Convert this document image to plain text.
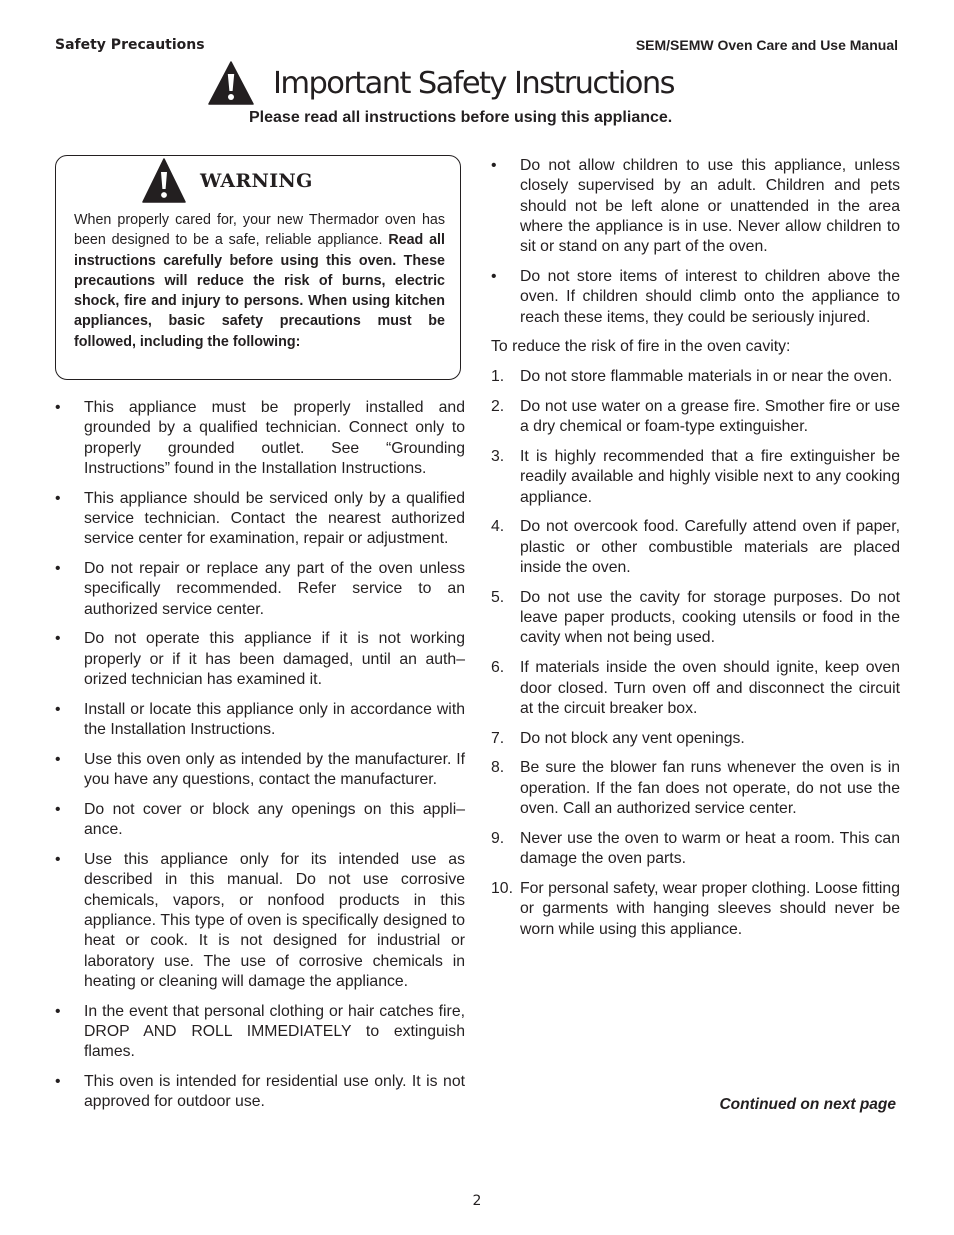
Safety Precautions	SEM/SEMW Oven Care and Use Manual
Important Safety Instructions
Please read all instructions before using this appliance.
WARNING
When properly cared for, your new Thermador oven has been designed to be a safe, reliable appliance. Read all instructions carefully before using this oven. These precautions will reduce the risk of burns, electric shock, fire and injury to persons. When using kitchen appliances, basic safety precautions must be followed, including the following:
•	This appliance must be properly installed and grounded by a qualified technician. Connect only to properly grounded outlet. See “Grounding Instructions” found in the Installation Instructions.
•	This appliance should be serviced only by a qualified service technician. Contact the nearest authorized service center for examination, repair or adjustment.
•	Do not repair or replace any part of the oven unless specifically recommended. Refer service to an authorized service center.
•	Do not operate this appliance if it is not working properly or if it has been damaged, until an auth–orized technician has examined it.
•	Install or locate this appliance only in accordance with the Installation Instructions.
•	Use this oven only as intended by the manufacturer. If you have any questions, contact the manufacturer.
•	Do not cover or block any openings on this appli–ance.
•	Use this appliance only for its intended use as described in this manual. Do not use corrosive chemicals, vapors, or nonfood products in this appliance. This type of oven is specifically designed to heat or cook. It is not designed for industrial or laboratory use. The use of corrosive chemicals in heating or cleaning will damage the appliance.
•	In the event that personal clothing or hair catches fire, DROP AND ROLL IMMEDIATELY to extinguish flames.
•	This oven is intended for residential use only. It is not approved for outdoor use.
•	Do not allow children to use this appliance, unless closely supervised by an adult. Children and pets should not be left alone or unattended in the area where the appliance is in use. Never allow children to sit or stand on any part of the oven.
•	Do not store items of interest to children above the oven. If children should climb onto the appliance to reach these items, they could be seriously injured.
To reduce the risk of fire in the oven cavity:
1.	Do not store flammable materials in or near the oven.
2.	Do not use water on a grease fire. Smother fire or use a dry chemical or foam-type extinguisher.
3.	It is highly recommended that a fire extinguisher be readily available and highly visible next to any cooking appliance.
4.	Do not overcook food. Carefully attend oven if paper, plastic or other combustible materials are placed inside the oven.
5.	Do not use the cavity for storage purposes. Do not leave paper products, cooking utensils or food in the cavity when not being used.
6.	If materials inside the oven should ignite, keep oven door closed. Turn oven off and disconnect the circuit at the circuit breaker box.
7.	Do not block any vent openings.
8.	Be sure the blower fan runs whenever the oven is in operation. If the fan does not operate, do not use the oven. Call an authorized service center.
9.	Never use the oven to warm or heat a room. This can damage the oven parts.
10. For personal safety, wear proper clothing. Loose fitting or garments with hanging sleeves should never be worn while using this appliance.
Continued on next page
2
